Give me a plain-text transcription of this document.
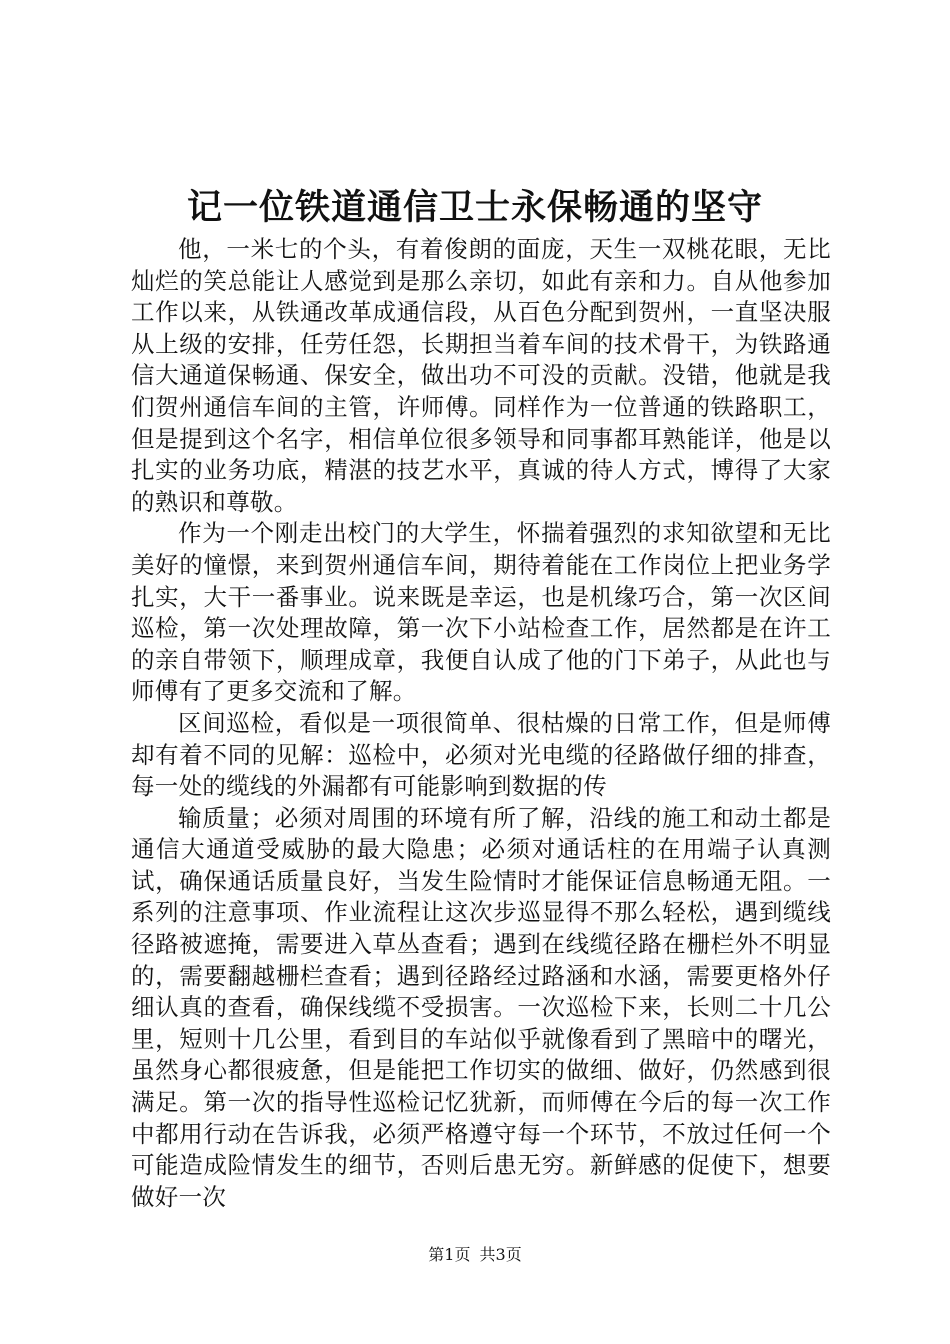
记一位铁道通信卫士永保畅通的坚守

他，一米七的个头，有着俊朗的面庞，天生一双桃花眼，无比灿烂的笑总能让人感觉到是那么亲切，如此有亲和力。自从他参加工作以来，从铁通改革成通信段，从百色分配到贺州，一直坚决服从上级的安排，任劳任怨，长期担当着车间的技术骨干，为铁路通信大通道保畅通、保安全，做出功不可没的贡献。没错，他就是我们贺州通信车间的主管，许师傅。同样作为一位普通的铁路职工，但是提到这个名字，相信单位很多领导和同事都耳熟能详，他是以扎实的业务功底，精湛的技艺水平，真诚的待人方式，博得了大家的熟识和尊敬。

作为一个刚走出校门的大学生，怀揣着强烈的求知欲望和无比美好的憧憬，来到贺州通信车间，期待着能在工作岗位上把业务学扎实，大干一番事业。说来既是幸运，也是机缘巧合，第一次区间巡检，第一次处理故障，第一次下小站检查工作，居然都是在许工的亲自带领下，顺理成章，我便自认成了他的门下弟子，从此也与师傅有了更多交流和了解。

区间巡检，看似是一项很简单、很枯燥的日常工作，但是师傅却有着不同的见解：巡检中，必须对光电缆的径路做仔细的排查，每一处的缆线的外漏都有可能影响到数据的传

输质量；必须对周围的环境有所了解，沿线的施工和动土都是通信大通道受威胁的最大隐患；必须对通话柱的在用端子认真测试，确保通话质量良好，当发生险情时才能保证信息畅通无阻。一系列的注意事项、作业流程让这次步巡显得不那么轻松，遇到缆线径路被遮掩，需要进入草丛查看；遇到在线缆径路在栅栏外不明显的，需要翻越栅栏查看；遇到径路经过路涵和水涵，需要更格外仔细认真的查看，确保线缆不受损害。一次巡检下来，长则二十几公里，短则十几公里，看到目的车站似乎就像看到了黑暗中的曙光，虽然身心都很疲惫，但是能把工作切实的做细、做好，仍然感到很满足。第一次的指导性巡检记忆犹新，而师傅在今后的每一次工作中都用行动在告诉我，必须严格遵守每一个环节，不放过任何一个可能造成险情发生的细节，否则后患无穷。新鲜感的促使下，想要做好一次

第1页 共3页
